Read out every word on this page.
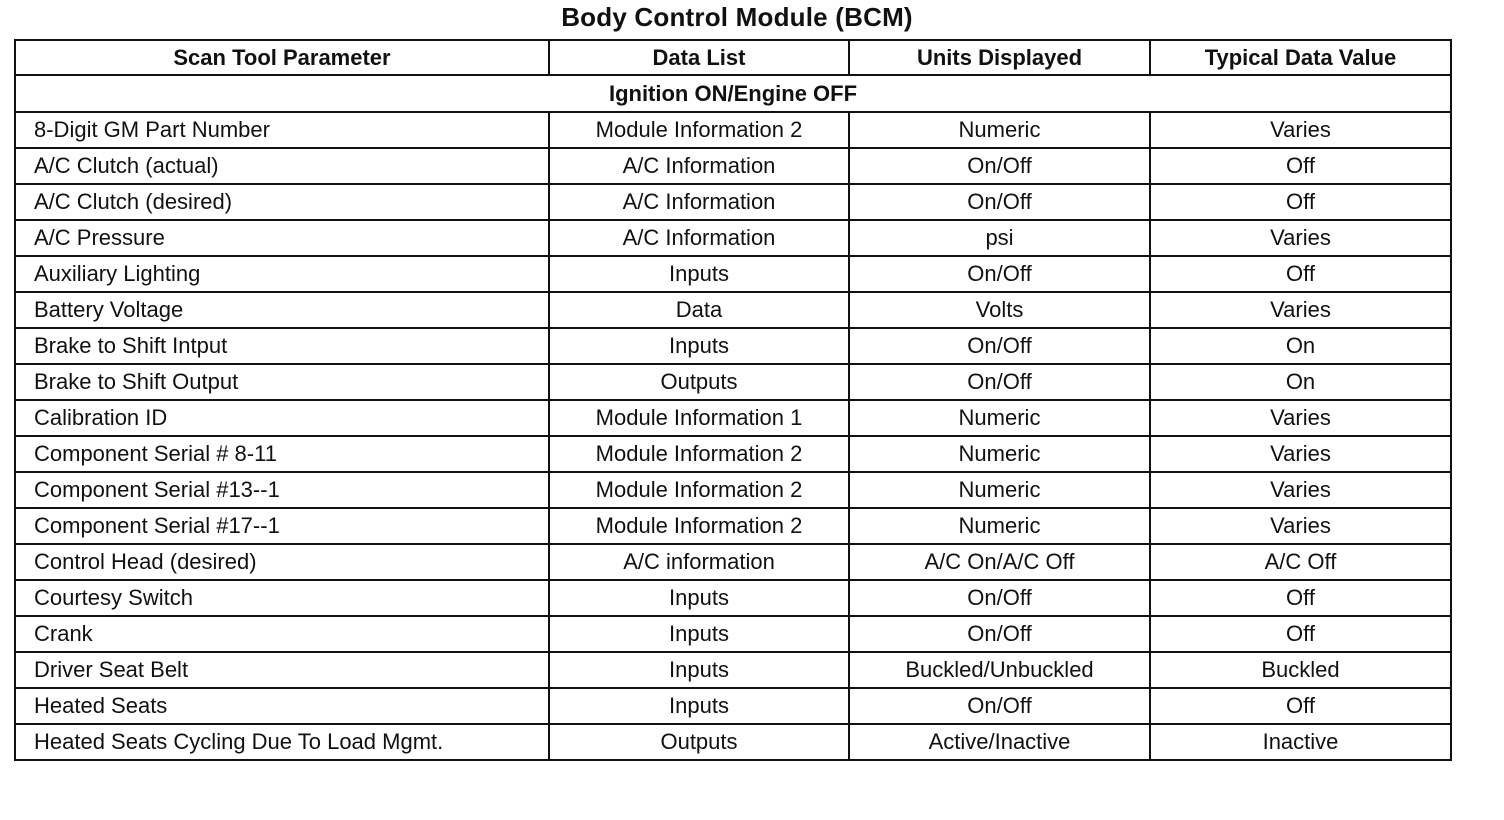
Body Control Module (BCM)
Scan Tool Parameter	Data List	Units Displayed	Typical Data Value
Ignition ON/Engine OFF			
8-Digit GM Part Number	Module Information 2	Numeric	Varies
A/C Clutch (actual)	A/C Information	On/Off	Off
A/C Clutch (desired)	A/C Information	On/Off	Off
A/C Pressure	A/C Information	psi	Varies
Auxiliary Lighting	Inputs	On/Off	Off
Battery Voltage	Data	Volts	Varies
Brake to Shift Intput	Inputs	On/Off	On
Brake to Shift Output	Outputs	On/Off	On
Calibration ID	Module Information 1	Numeric	Varies
Component Serial # 8-11	Module Information 2	Numeric	Varies
Component Serial #13--1	Module Information 2	Numeric	Varies
Component Serial #17--1	Module Information 2	Numeric	Varies
Control Head (desired)	A/C information	A/C On/A/C Off	A/C Off
Courtesy Switch	Inputs	On/Off	Off
Crank	Inputs	On/Off	Off
Driver Seat Belt	Inputs	Buckled/Unbuckled	Buckled
Heated Seats	Inputs	On/Off	Off
Heated Seats Cycling Due To Load Mgmt.	Outputs	Active/Inactive	Inactive
